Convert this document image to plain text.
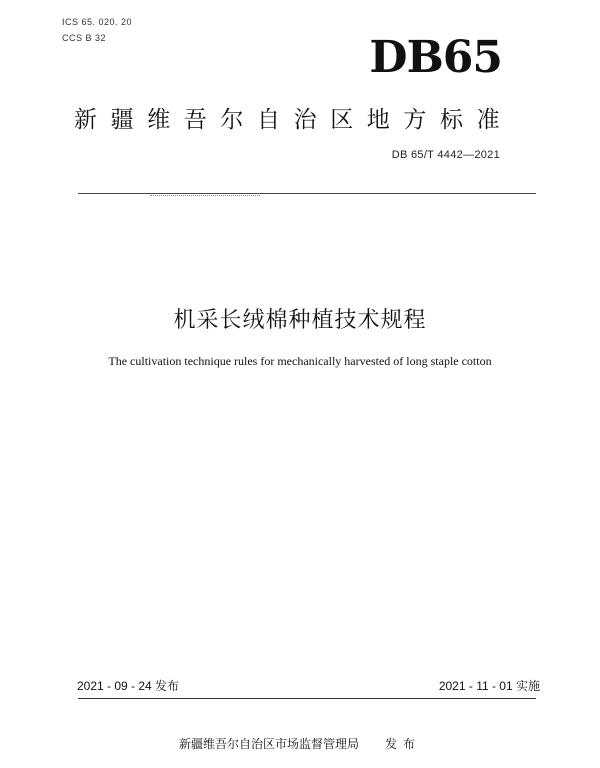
ICS 65. 020. 20
CCS B 32	DB65
新疆维吾尔自治区地方标准
DB 65/T 4442—2021
机采长绒棉种植技术规程
The cultivation technique rules for mechanically harvested of long staple cotton
2021 - 09 - 24 发布	2021 - 11 - 01 实施
新疆维吾尔自治区市场监督管理局 发布
